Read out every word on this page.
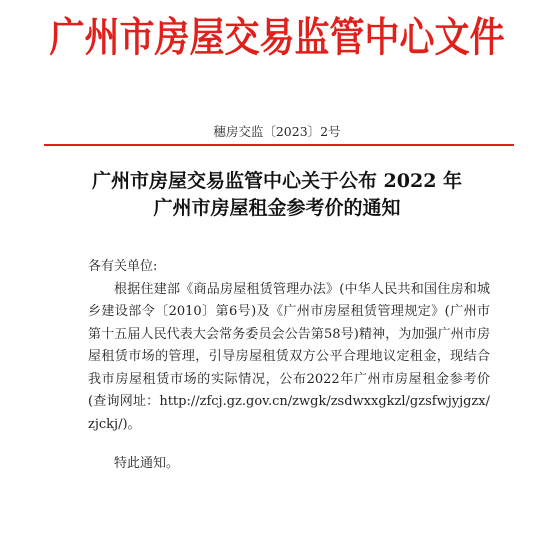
广州市房屋交易监管中心文件
穗房交监〔2023〕2号
广州市房屋交易监管中心关于公布 2022 年
广州市房屋租金参考价的通知
各有关单位:
根据住建部《商品房屋租赁管理办法》(中华人民共和国住房和城乡建设部令〔2010〕第6号)及《广州市房屋租赁管理规定》(广州市第十五届人民代表大会常务委员会公告第58号)精神，为加强广州市房屋租赁市场的管理，引导房屋租赁双方公平合理地议定租金，现结合我市房屋租赁市场的实际情况，公布2022年广州市房屋租金参考价(查询网址：http://zfcj.gz.gov.cn/zwgk/zsdwxxgkzl/gzsfwjyjgzx/zjckj/)。
特此通知。
